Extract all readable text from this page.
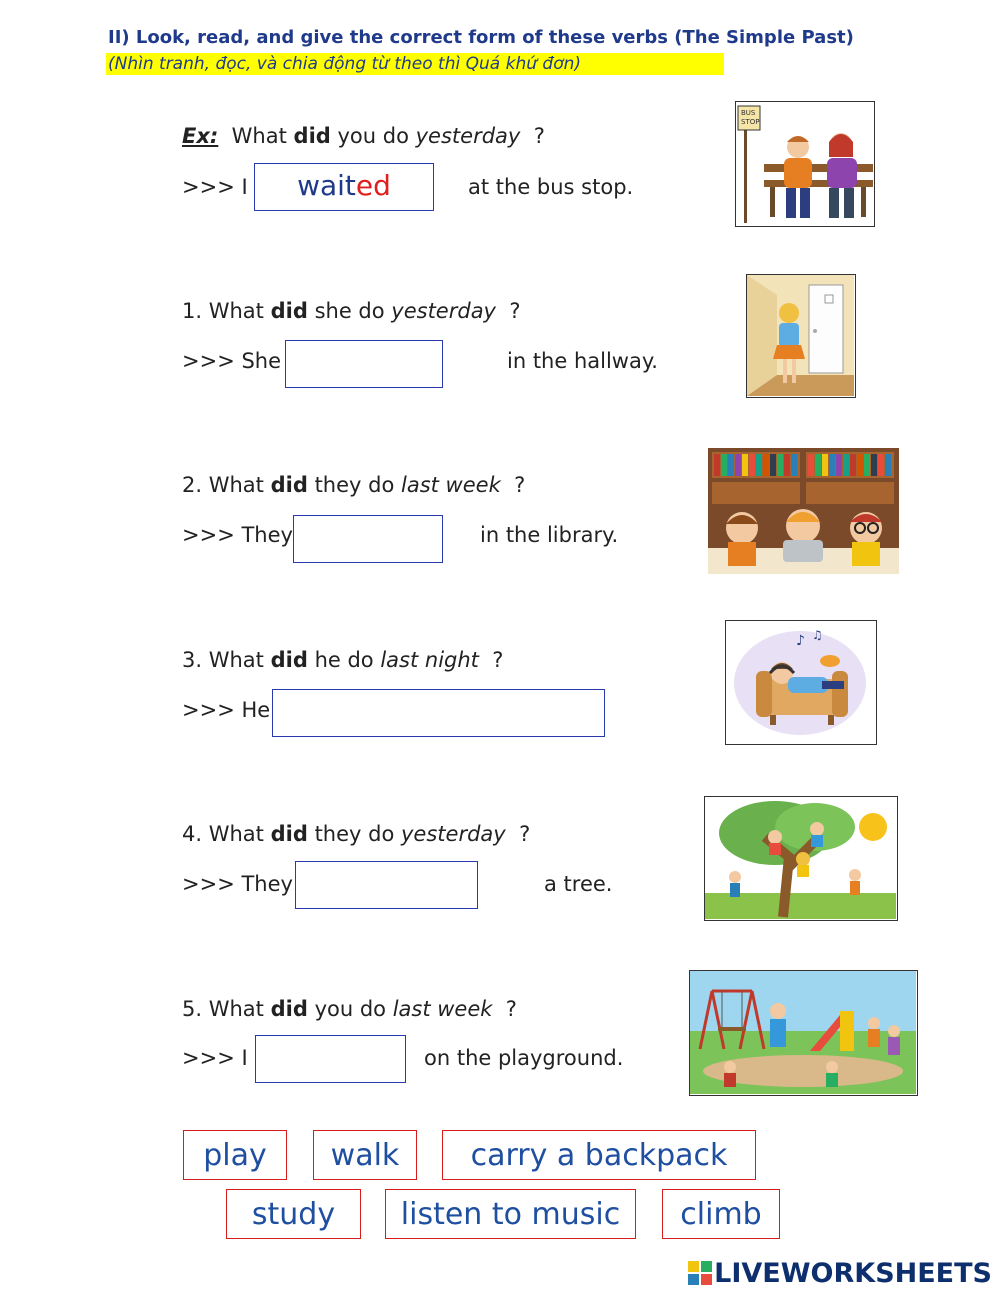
II) Look, read, and give the correct form of these verbs (The Simple Past)
(Nhìn tranh, đọc, và chia động từ theo thì Quá khứ đơn)
Ex: What did you do yesterday ?
>>> I	waited	at the bus stop.
BUS
STOP
1. What did she do yesterday ?
>>> She	in the hallway.
2. What did they do last week ?
>>> They	in the library.
3. What did he do last night ?
>>> He
♪ ♫
4. What did they do yesterday ?
>>> They	a tree.
5. What did you do last week ?
>>> I	on the playground.
play	walk	carry a backpack
study	listen to music	climb
LIVEWORKSHEETS
